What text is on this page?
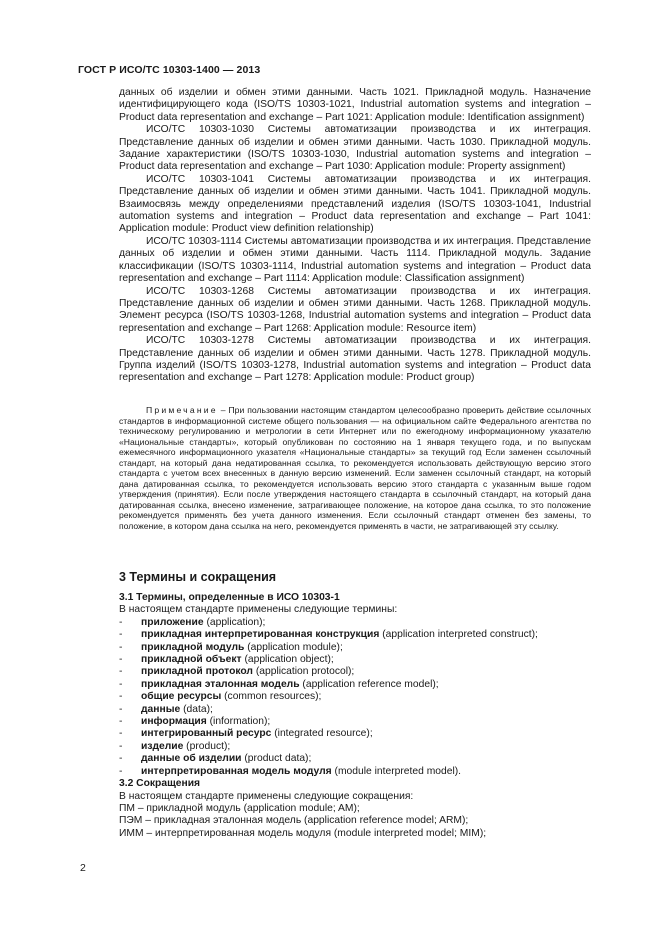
ГОСТ Р ИСО/ТС 10303-1400 — 2013

данных об изделии и обмен этими данными. Часть 1021. Прикладной модуль. Назначение идентифицирующего кода (ISO/TS 10303-1021, Industrial automation systems and integration – Product data representation and exchange – Part 1021: Application module: Identification assignment)

ИСО/ТС 10303-1030 Системы автоматизации производства и их интеграция. Представление данных об изделии и обмен этими данными. Часть 1030. Прикладной модуль. Задание характеристики (ISO/TS 10303-1030, Industrial automation systems and integration – Product data representation and exchange – Part 1030: Application module: Property assignment)

ИСО/ТС 10303-1041 Системы автоматизации производства и их интеграция. Представление данных об изделии и обмен этими данными. Часть 1041. Прикладной модуль. Взаимосвязь между определениями представлений изделия (ISO/TS 10303-1041, Industrial automation systems and integration – Product data representation and exchange – Part 1041: Application module: Product view definition relationship)

ИСО/ТС 10303-1114 Системы автоматизации производства и их интеграция. Представление данных об изделии и обмен этими данными. Часть 1114. Прикладной модуль. Задание классификации (ISO/TS 10303-1114, Industrial automation systems and integration – Product data representation and exchange – Part 1114: Application module: Classification assignment)

ИСО/ТС 10303-1268 Системы автоматизации производства и их интеграция. Представление данных об изделии и обмен этими данными. Часть 1268. Прикладной модуль. Элемент ресурса (ISO/TS 10303-1268, Industrial automation systems and integration – Product data representation and exchange – Part 1268: Application module: Resource item)

ИСО/ТС 10303-1278 Системы автоматизации производства и их интеграция. Представление данных об изделии и обмен этими данными. Часть 1278. Прикладной модуль. Группа изделий (ISO/TS 10303-1278, Industrial automation systems and integration – Product data representation and exchange – Part 1278: Application module: Product group)

Примечание – При пользовании настоящим стандартом целесообразно проверить действие ссылочных стандартов в информационной системе общего пользования — на официальном сайте Федерального агентства по техническому регулированию и метрологии в сети Интернет или по ежегодному информационному указателю «Национальные стандарты», который опубликован по состоянию на 1 января текущего года, и по выпускам ежемесячного информационного указателя «Национальные стандарты» за текущий год Если заменен ссылочный стандарт, на который дана недатированная ссылка, то рекомендуется использовать действующую версию этого стандарта с учетом всех внесенных в данную версию изменений. Если заменен ссылочный стандарт, на который дана датированная ссылка, то рекомендуется использовать версию этого стандарта с указанным выше годом утверждения (принятия). Если после утверждения настоящего стандарта в ссылочный стандарт, на который дана датированная ссылка, внесено изменение, затрагивающее положение, на которое дана ссылка, то это положение рекомендуется применять без учета данного изменения. Если ссылочный стандарт отменен без замены, то положение, в котором дана ссылка на него, рекомендуется применять в части, не затрагивающей эту ссылку.

3 Термины и сокращения

3.1 Термины, определенные в ИСО 10303-1

В настоящем стандарте применены следующие термины:

- приложение (application);
- прикладная интерпретированная конструкция (application interpreted construct);
- прикладной модуль (application module);
- прикладной объект (application object);
- прикладной протокол (application protocol);
- прикладная эталонная модель (application reference model);
- общие ресурсы (common resources);
- данные (data);
- информация (information);
- интегрированный ресурс (integrated resource);
- изделие (product);
- данные об изделии (product data);
- интерпретированная модель модуля (module interpreted model).

3.2 Сокращения

В настоящем стандарте применены следующие сокращения:

ПМ – прикладной модуль (application module; AM);

ПЭМ – прикладная эталонная модель (application reference model; ARM);

ИММ – интерпретированная модель модуля (module interpreted model; MIM);

2
